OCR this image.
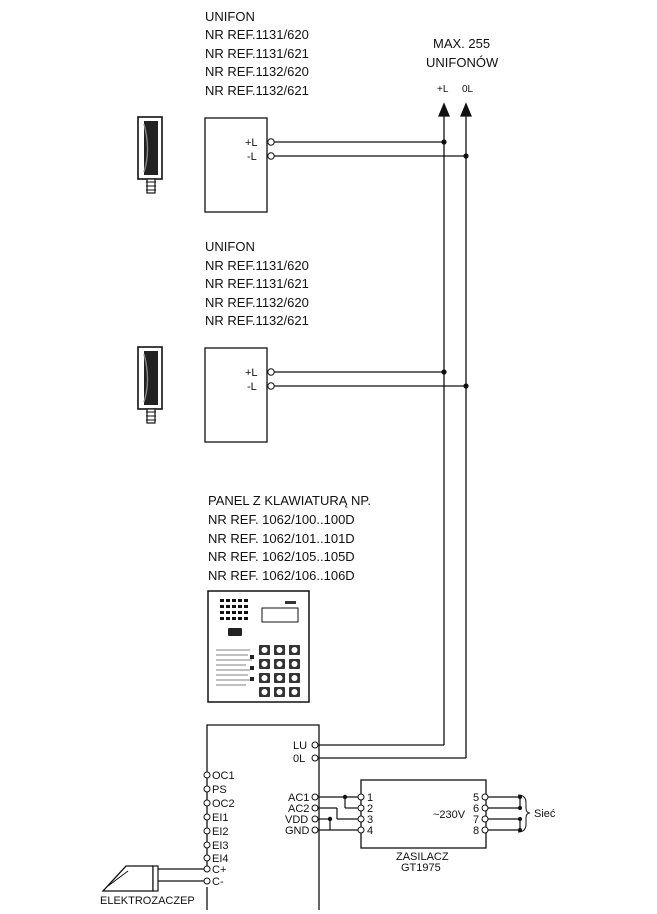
UNIFON
NR REF.1131/620
NR REF.1131/621
NR REF.1132/620
NR REF.1132/621
+L
-L
UNIFON
NR REF.1131/620
NR REF.1131/621
NR REF.1132/620
NR REF.1132/621
+L
-L
MAX. 255
UNIFONÓW
+L 0L
PANEL Z KLAWIATURĄ NP.
NR REF. 1062/100..100D
NR REF. 1062/101..101D
NR REF. 1062/105..105D
NR REF. 1062/106..106D
LU
0L
OC1
PS
OC2
EI1
EI2
EI3
EI4
C+
C-
AC1
AC2
VDD
GND
1
2
3
4
5
6
7
8
~230V
ZASILACZ
GT1975
Sieć
ELEKTROZACZEP
